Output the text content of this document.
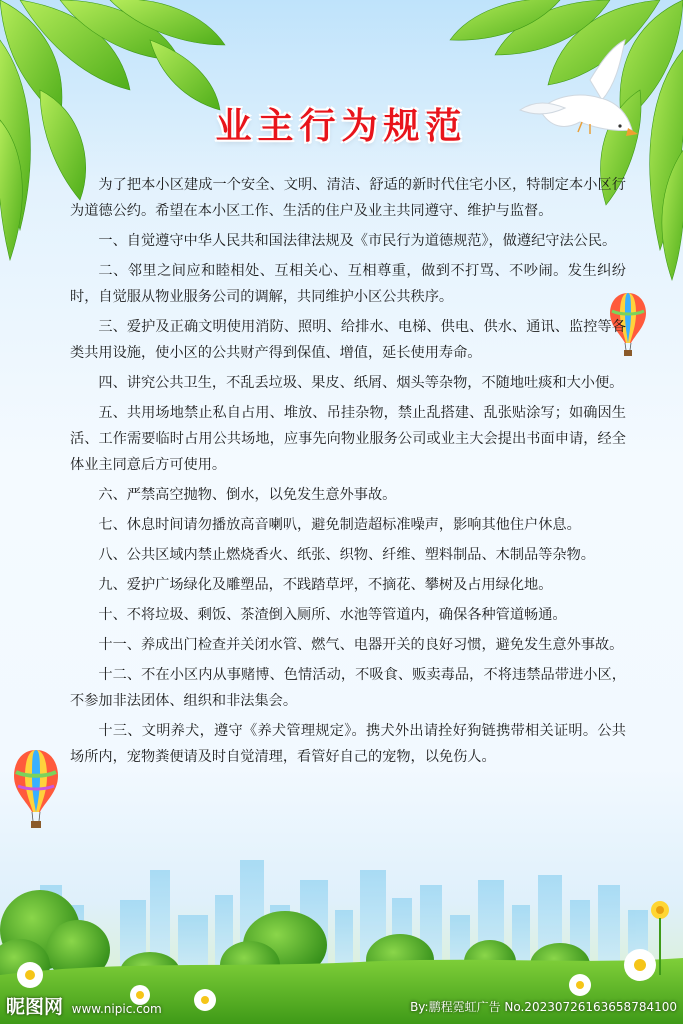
业主行为规范

为了把本小区建成一个安全、文明、清洁、舒适的新时代住宅小区，特制定本小区行为道德公约。希望在本小区工作、生活的住户及业主共同遵守、维护与监督。

一、自觉遵守中华人民共和国法律法规及《市民行为道德规范》，做遵纪守法公民。

二、邻里之间应和睦相处、互相关心、互相尊重，做到不打骂、不吵闹。发生纠纷时，自觉服从物业服务公司的调解，共同维护小区公共秩序。

三、爱护及正确文明使用消防、照明、给排水、电梯、供电、供水、通讯、监控等各类共用设施，使小区的公共财产得到保值、增值，延长使用寿命。

四、讲究公共卫生，不乱丢垃圾、果皮、纸屑、烟头等杂物，不随地吐痰和大小便。

五、共用场地禁止私自占用、堆放、吊挂杂物，禁止乱搭建、乱张贴涂写；如确因生活、工作需要临时占用公共场地，应事先向物业服务公司或业主大会提出书面申请，经全体业主同意后方可使用。

六、严禁高空抛物、倒水，以免发生意外事故。

七、休息时间请勿播放高音喇叭，避免制造超标准噪声，影响其他住户休息。

八、公共区域内禁止燃烧香火、纸张、织物、纤维、塑料制品、木制品等杂物。

九、爱护广场绿化及雕塑品，不践踏草坪，不摘花、攀树及占用绿化地。

十、不将垃圾、剩饭、茶渣倒入厕所、水池等管道内，确保各种管道畅通。

十一、养成出门检查并关闭水管、燃气、电器开关的良好习惯，避免发生意外事故。

十二、不在小区内从事赌博、色情活动，不吸食、贩卖毒品，不将违禁品带进小区，不参加非法团体、组织和非法集会。

十三、文明养犬，遵守《养犬管理规定》。携犬外出请拴好狗链携带相关证明。公共场所内，宠物粪便请及时自觉清理，看管好自己的宠物，以免伤人。

昵图网 www.nipic.com	By:鹏程霓虹广告 No.20230726163658784100
